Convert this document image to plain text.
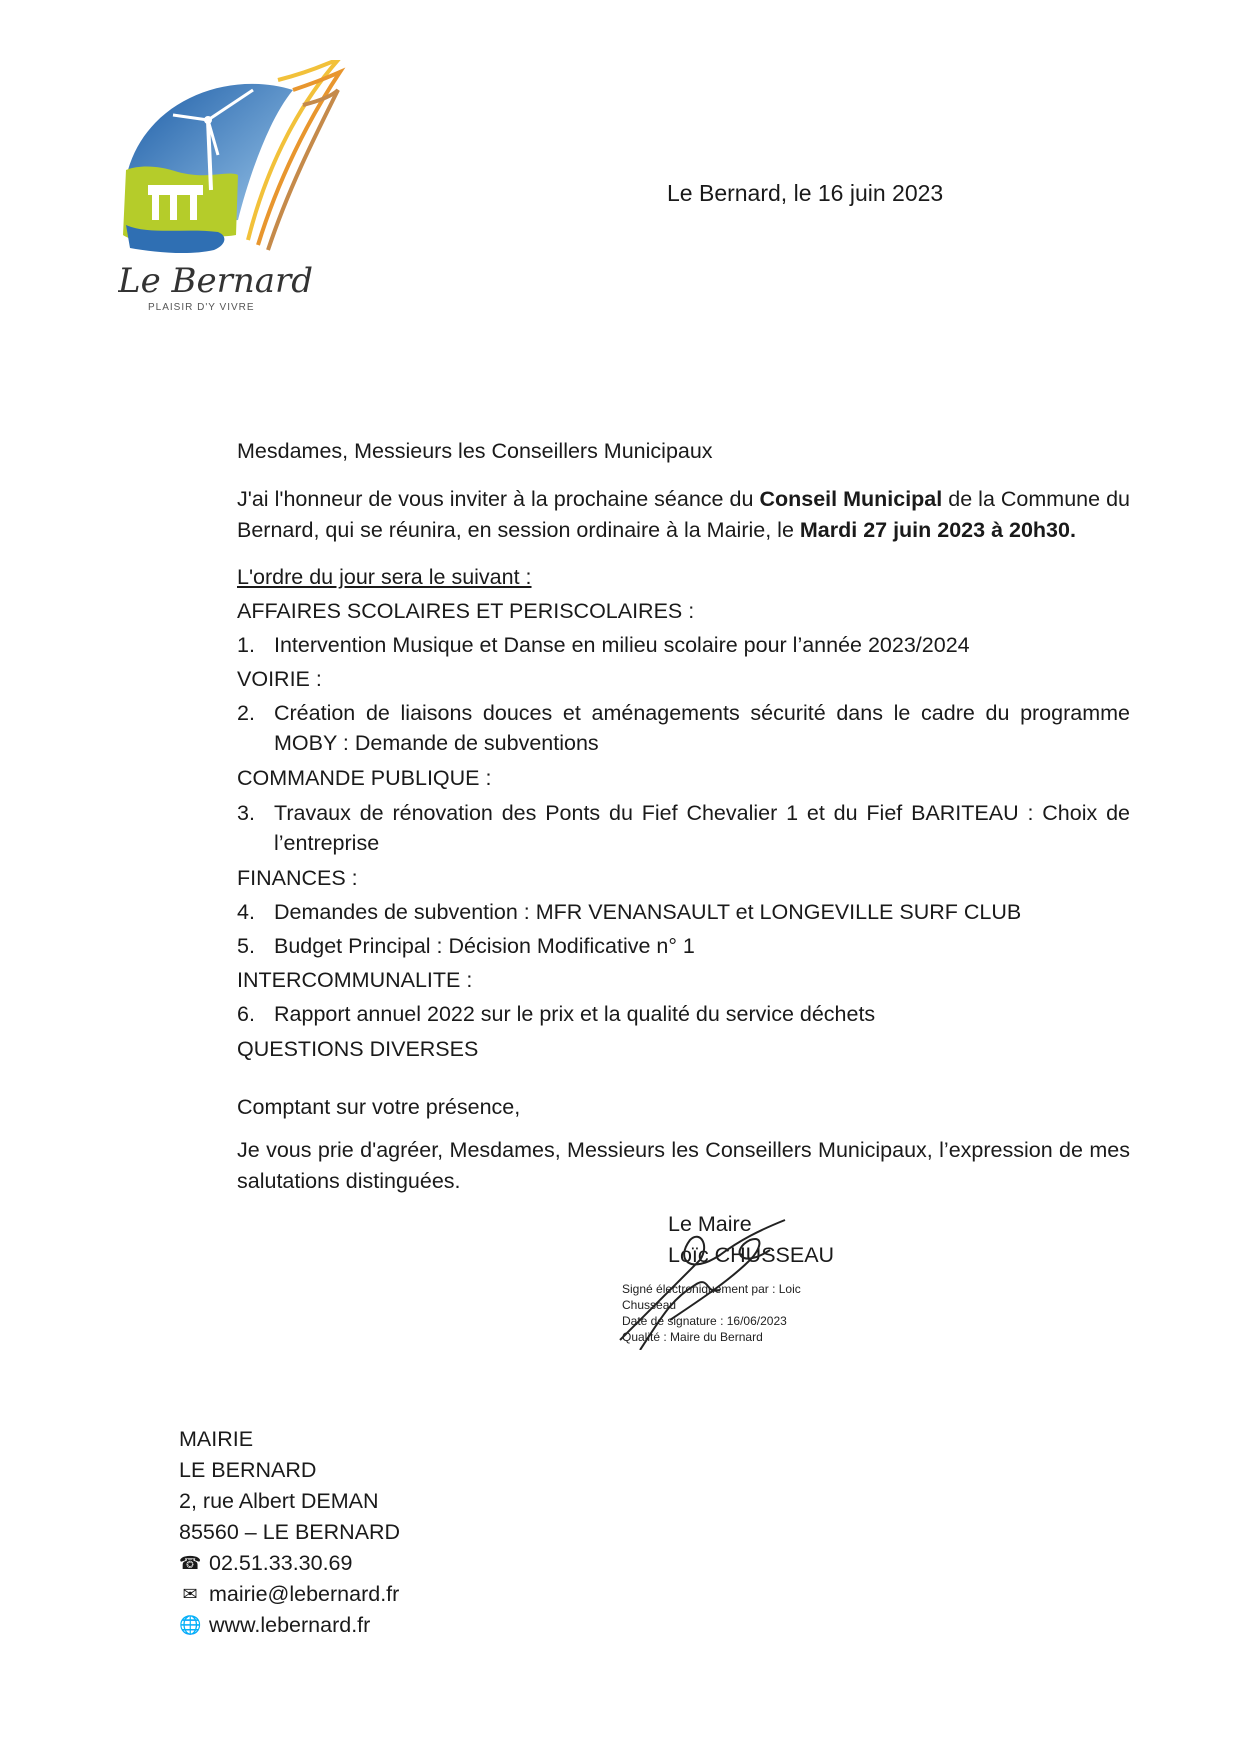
Le Bernard
PLAISIR D'Y VIVRE
Le Bernard, le 16 juin 2023
Mesdames, Messieurs les Conseillers Municipaux
J'ai l'honneur de vous inviter à la prochaine séance du Conseil Municipal de la Commune du Bernard, qui se réunira, en session ordinaire à la Mairie, le Mardi 27 juin 2023 à 20h30.
L'ordre du jour sera le suivant :
AFFAIRES SCOLAIRES ET PERISCOLAIRES :
1. Intervention Musique et Danse en milieu scolaire pour l’année 2023/2024
VOIRIE :
2. Création de liaisons douces et aménagements sécurité dans le cadre du programme MOBY : Demande de subventions
COMMANDE PUBLIQUE :
3. Travaux de rénovation des Ponts du Fief Chevalier 1 et du Fief BARITEAU : Choix de l’entreprise
FINANCES :
4. Demandes de subvention : MFR VENANSAULT et LONGEVILLE SURF CLUB
5. Budget Principal : Décision Modificative n° 1
INTERCOMMUNALITE :
6. Rapport annuel 2022 sur le prix et la qualité du service déchets
QUESTIONS DIVERSES
Comptant sur votre présence,
Je vous prie d'agréer, Mesdames, Messieurs les Conseillers Municipaux, l’expression de mes salutations distinguées.
Le Maire
Loïc CHUSSEAU
Signé électroniquement par : Loic
Chusseau
Date de signature : 16/06/2023
Qualité : Maire du Bernard
MAIRIE
LE BERNARD
2, rue Albert DEMAN
85560 – LE BERNARD
☎ 02.51.33.30.69
✉ mairie@lebernard.fr
🌐 www.lebernard.fr
